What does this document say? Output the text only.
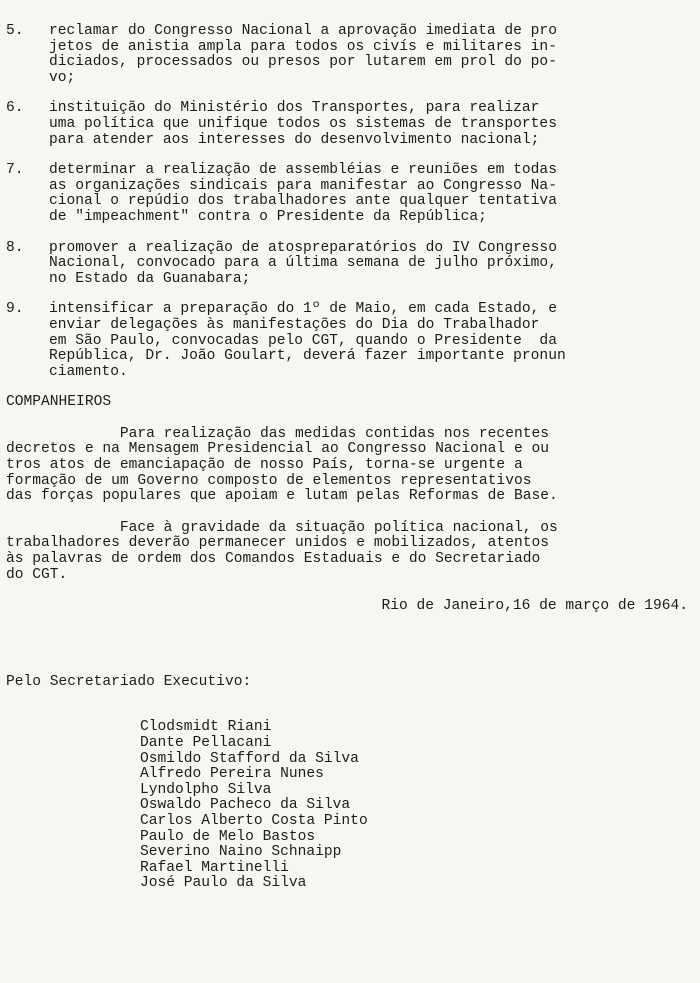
5.	reclamar do Congresso Nacional a aprovação imediata de pro
jetos de anistia ampla para todos os civís e militares in-
diciados, processados ou presos por lutarem em prol do po-
vo;
6.	instituição do Ministério dos Transportes, para realizar
uma política que unifique todos os sistemas de transportes
para atender aos interesses do desenvolvimento nacional;
7.	determinar a realização de assembléias e reuniões em todas
as organizações sindicais para manifestar ao Congresso Na-
cional o repúdio dos trabalhadores ante qualquer tentativa
de "impeachment" contra o Presidente da República;
8.	promover a realização de atospreparatórios do IV Congresso
Nacional, convocado para a última semana de julho próximo,
no Estado da Guanabara;
9.	intensificar a preparação do 1º de Maio, em cada Estado, e
enviar delegações às manifestações do Dia do Trabalhador
em São Paulo, convocadas pelo CGT, quando o Presidente  da
República, Dr. João Goulart, deverá fazer importante pronun
ciamento.
COMPANHEIROS
Para realização das medidas contidas nos recentes
decretos e na Mensagem Presidencial ao Congresso Nacional e ou
tros atos de emanciapação de nosso País, torna-se urgente a
formação de um Governo composto de elementos representativos
das forças populares que apoiam e lutam pelas Reformas de Base.
Face à gravidade da situação política nacional, os
trabalhadores deverão permanecer unidos e mobilizados, atentos
às palavras de ordem dos Comandos Estaduais e do Secretariado
do CGT.
Rio de Janeiro,16 de março de 1964.
Pelo Secretariado Executivo:
Clodsmidt Riani
Dante Pellacani
Osmildo Stafford da Silva
Alfredo Pereira Nunes
Lyndolpho Silva
Oswaldo Pacheco da Silva
Carlos Alberto Costa Pinto
Paulo de Melo Bastos
Severino Naino Schnaipp
Rafael Martinelli
José Paulo da Silva
